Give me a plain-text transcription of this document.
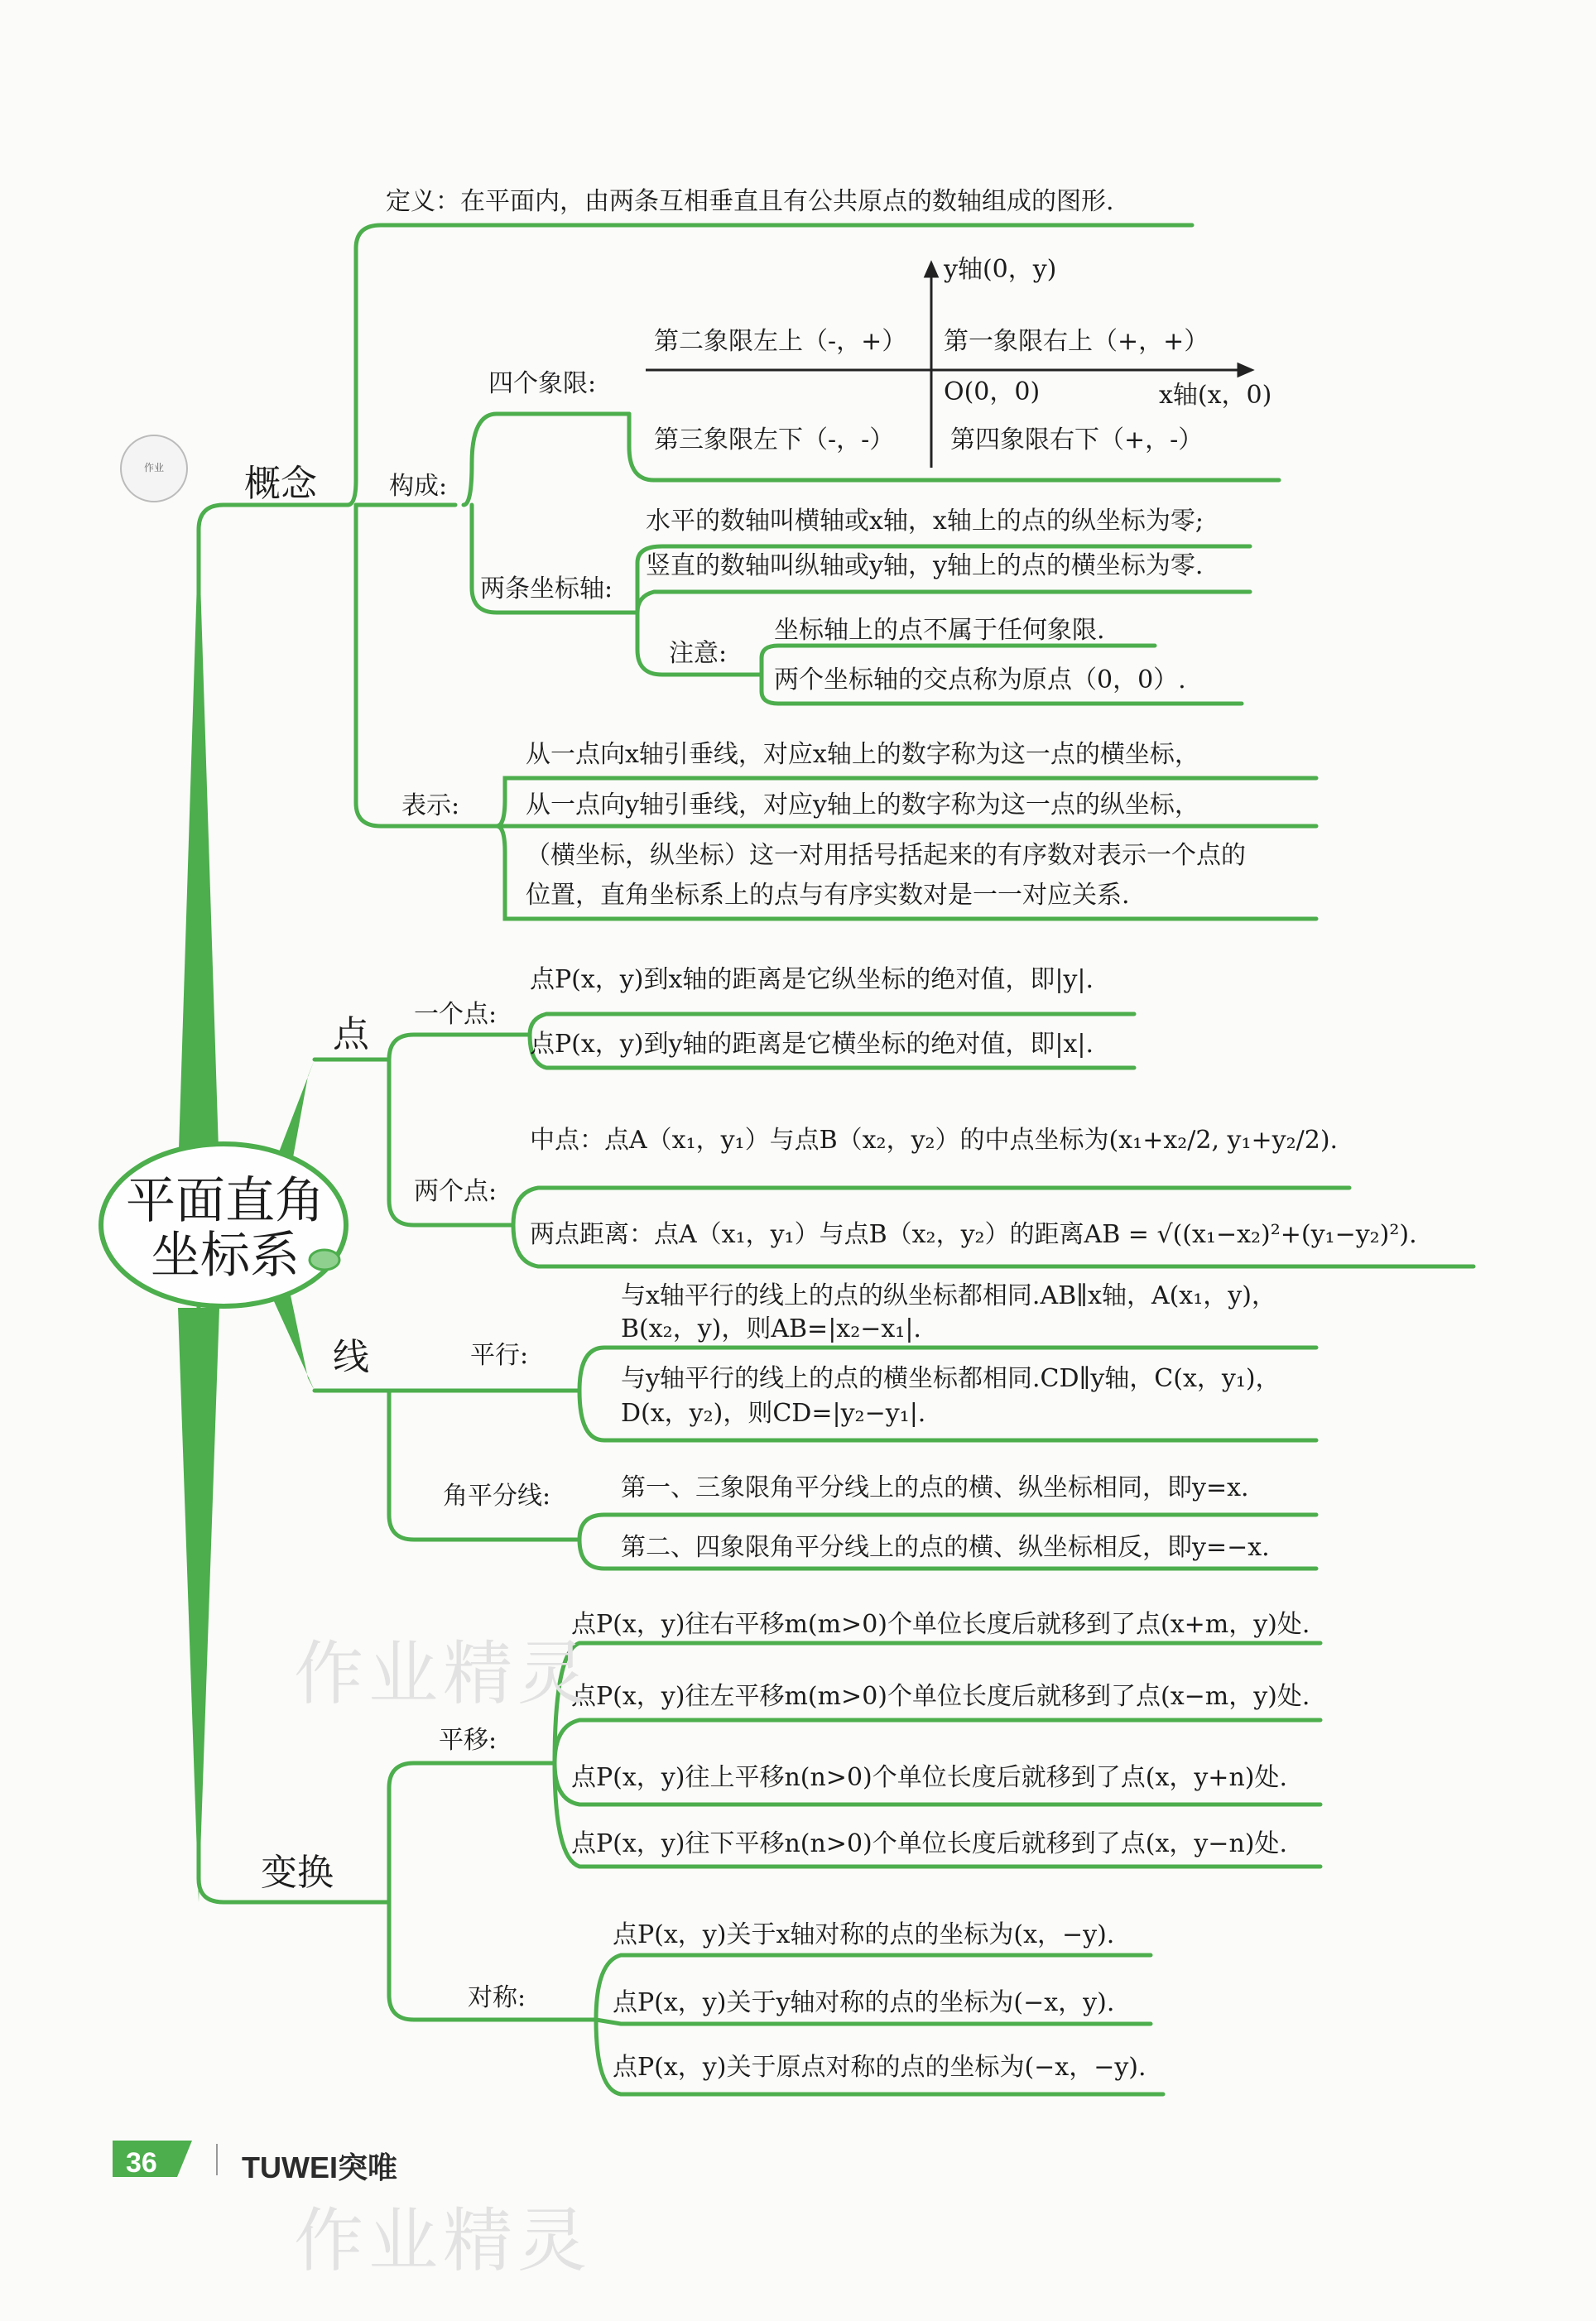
作业
平面直角
坐标系
概念
点
线
变换
定义：在平面内，由两条互相垂直且有公共原点的数轴组成的图形.
构成:
四个象限:
y轴(0，y)
第二象限左上（-，+） 第一象限右上（+，+）
O(0，0)	x轴(x，0)
第三象限左下（-，-） 第四象限右下（+，-）
两条坐标轴:
水平的数轴叫横轴或x轴，x轴上的点的纵坐标为零;
竖直的数轴叫纵轴或y轴，y轴上的点的横坐标为零.
注意:
坐标轴上的点不属于任何象限.
两个坐标轴的交点称为原点（0，0）.
表示:
从一点向x轴引垂线，对应x轴上的数字称为这一点的横坐标，
从一点向y轴引垂线，对应y轴上的数字称为这一点的纵坐标，
（横坐标，纵坐标）这一对用括号括起来的有序数对表示一个点的
位置，直角坐标系上的点与有序实数对是一一对应关系.
一个点:
点P(x，y)到x轴的距离是它纵坐标的绝对值，即|y|.
点P(x，y)到y轴的距离是它横坐标的绝对值，即|x|.
两个点:
中点：点A（x₁，y₁）与点B（x₂，y₂）的中点坐标为(x₁+x₂/2, y₁+y₂/2).
两点距离：点A（x₁，y₁）与点B（x₂，y₂）的距离AB = √((x₁−x₂)²+(y₁−y₂)²).
平行:
与x轴平行的线上的点的纵坐标都相同.AB∥x轴，A(x₁，y)，
B(x₂，y)，则AB=|x₂−x₁|.
与y轴平行的线上的点的横坐标都相同.CD∥y轴，C(x，y₁)，
D(x，y₂)，则CD=|y₂−y₁|.
角平分线:	第一、三象限角平分线上的点的横、纵坐标相同，即y=x.
第二、四象限角平分线上的点的横、纵坐标相反，即y=−x.
平移:
点P(x，y)往右平移m(m>0)个单位长度后就移到了点(x+m，y)处.
点P(x，y)往左平移m(m>0)个单位长度后就移到了点(x−m，y)处.
点P(x，y)往上平移n(n>0)个单位长度后就移到了点(x，y+n)处.
点P(x，y)往下平移n(n>0)个单位长度后就移到了点(x，y−n)处.
对称:
点P(x，y)关于x轴对称的点的坐标为(x，−y).
点P(x，y)关于y轴对称的点的坐标为(−x，y).
点P(x，y)关于原点对称的点的坐标为(−x，−y).
36	TUWEI突唯
作业精灵
作业精灵
